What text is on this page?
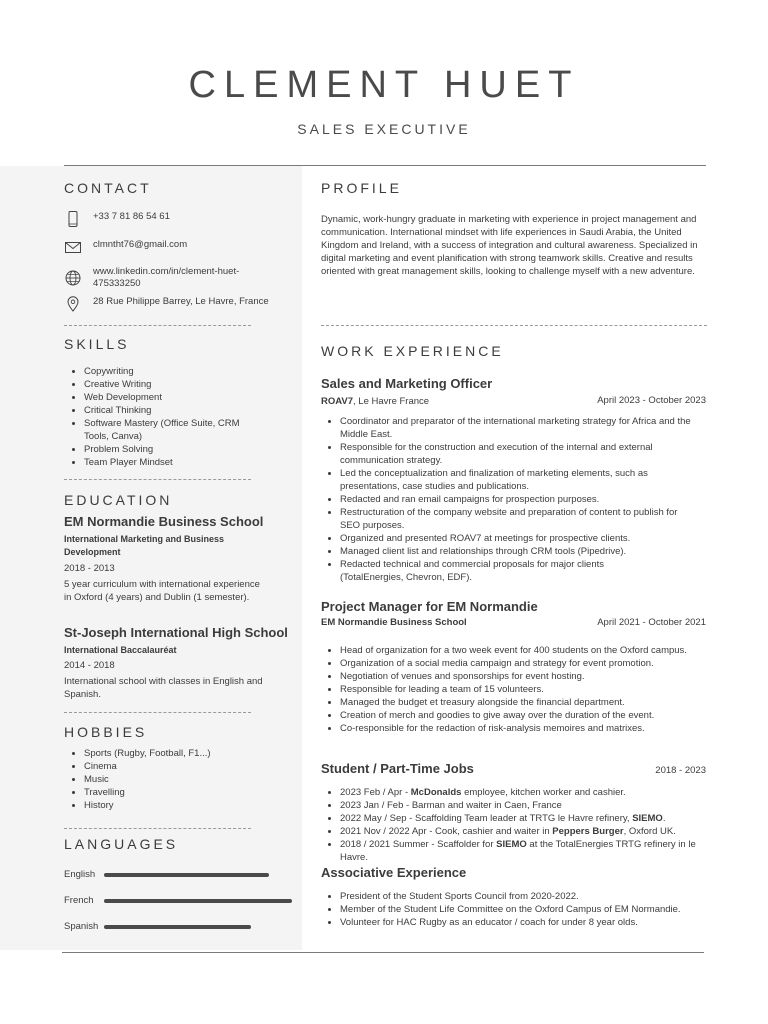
CLEMENT HUET
SALES EXECUTIVE
CONTACT
+33 7 81 86 54 61
clmntht76@gmail.com
www.linkedin.com/in/clement-huet-475333250
28 Rue Philippe Barrey, Le Havre, France
SKILLS
Copywriting
Creative Writing
Web Development
Critical Thinking
Software Mastery (Office Suite, CRM Tools, Canva)
Problem Solving
Team Player Mindset
EDUCATION
EM Normandie Business School
International Marketing and Business Development
2018 - 2013
5 year curriculum with international experience in Oxford (4 years) and Dublin (1 semester).
St-Joseph International High School
International Baccalauréat
2014 - 2018
International school with classes in English and Spanish.
HOBBIES
Sports (Rugby, Football, F1...)
Cinema
Music
Travelling
History
LANGUAGES
English
French
Spanish
PROFILE
Dynamic, work-hungry graduate in marketing with experience in project management and communication. International mindset with life experiences in Saudi Arabia, the United Kingdom and Ireland, with a success of integration and cultural awareness. Specialized in digital marketing and event planification with strong teamwork skills. Creative and results oriented with great management skills, looking to challenge myself with a new adventure.
WORK EXPERIENCE
Sales and Marketing Officer
ROAV7, Le Havre France	April 2023 - October 2023
Coordinator and preparator of the international marketing strategy for Africa and the Middle East.
Responsible for the construction and execution of the internal and external communication strategy.
Led the conceptualization and finalization of marketing elements, such as presentations, case studies and publications.
Redacted and ran email campaigns for prospection purposes.
Restructuration of the company website and preparation of content to publish for SEO purposes.
Organized and presented ROAV7 at meetings for prospective clients.
Managed client list and relationships through CRM tools (Pipedrive).
Redacted technical and commercial proposals for major clients (TotalEnergies, Chevron, EDF).
Project Manager for EM Normandie
EM Normandie Business School	April 2021 - October 2021
Head of organization for a two week event for 400 students on the Oxford campus.
Organization of a social media campaign and strategy for event promotion.
Negotiation of venues and sponsorships for event hosting.
Responsible for leading a team of 15 volunteers.
Managed the budget et treasury alongside the financial department.
Creation of merch and goodies to give away over the duration of the event.
Co-responsible for the redaction of risk-analysis memoires and matrixes.
Student / Part-Time Jobs	2018 - 2023
2023 Feb / Apr - McDonalds employee, kitchen worker and cashier.
2023 Jan / Feb - Barman and waiter in Caen, France
2022 May / Sep - Scaffolding Team leader at TRTG le Havre refinery, SIEMO.
2021 Nov / 2022 Apr - Cook, cashier and waiter in Peppers Burger, Oxford UK.
2018 / 2021 Summer - Scaffolder for SIEMO at the TotalEnergies TRTG refinery in le Havre.
Associative Experience
President of the Student Sports Council from 2020-2022.
Member of the Student Life Committee on the Oxford Campus of EM Normandie.
Volunteer for HAC Rugby as an educator / coach for under 8 year olds.
